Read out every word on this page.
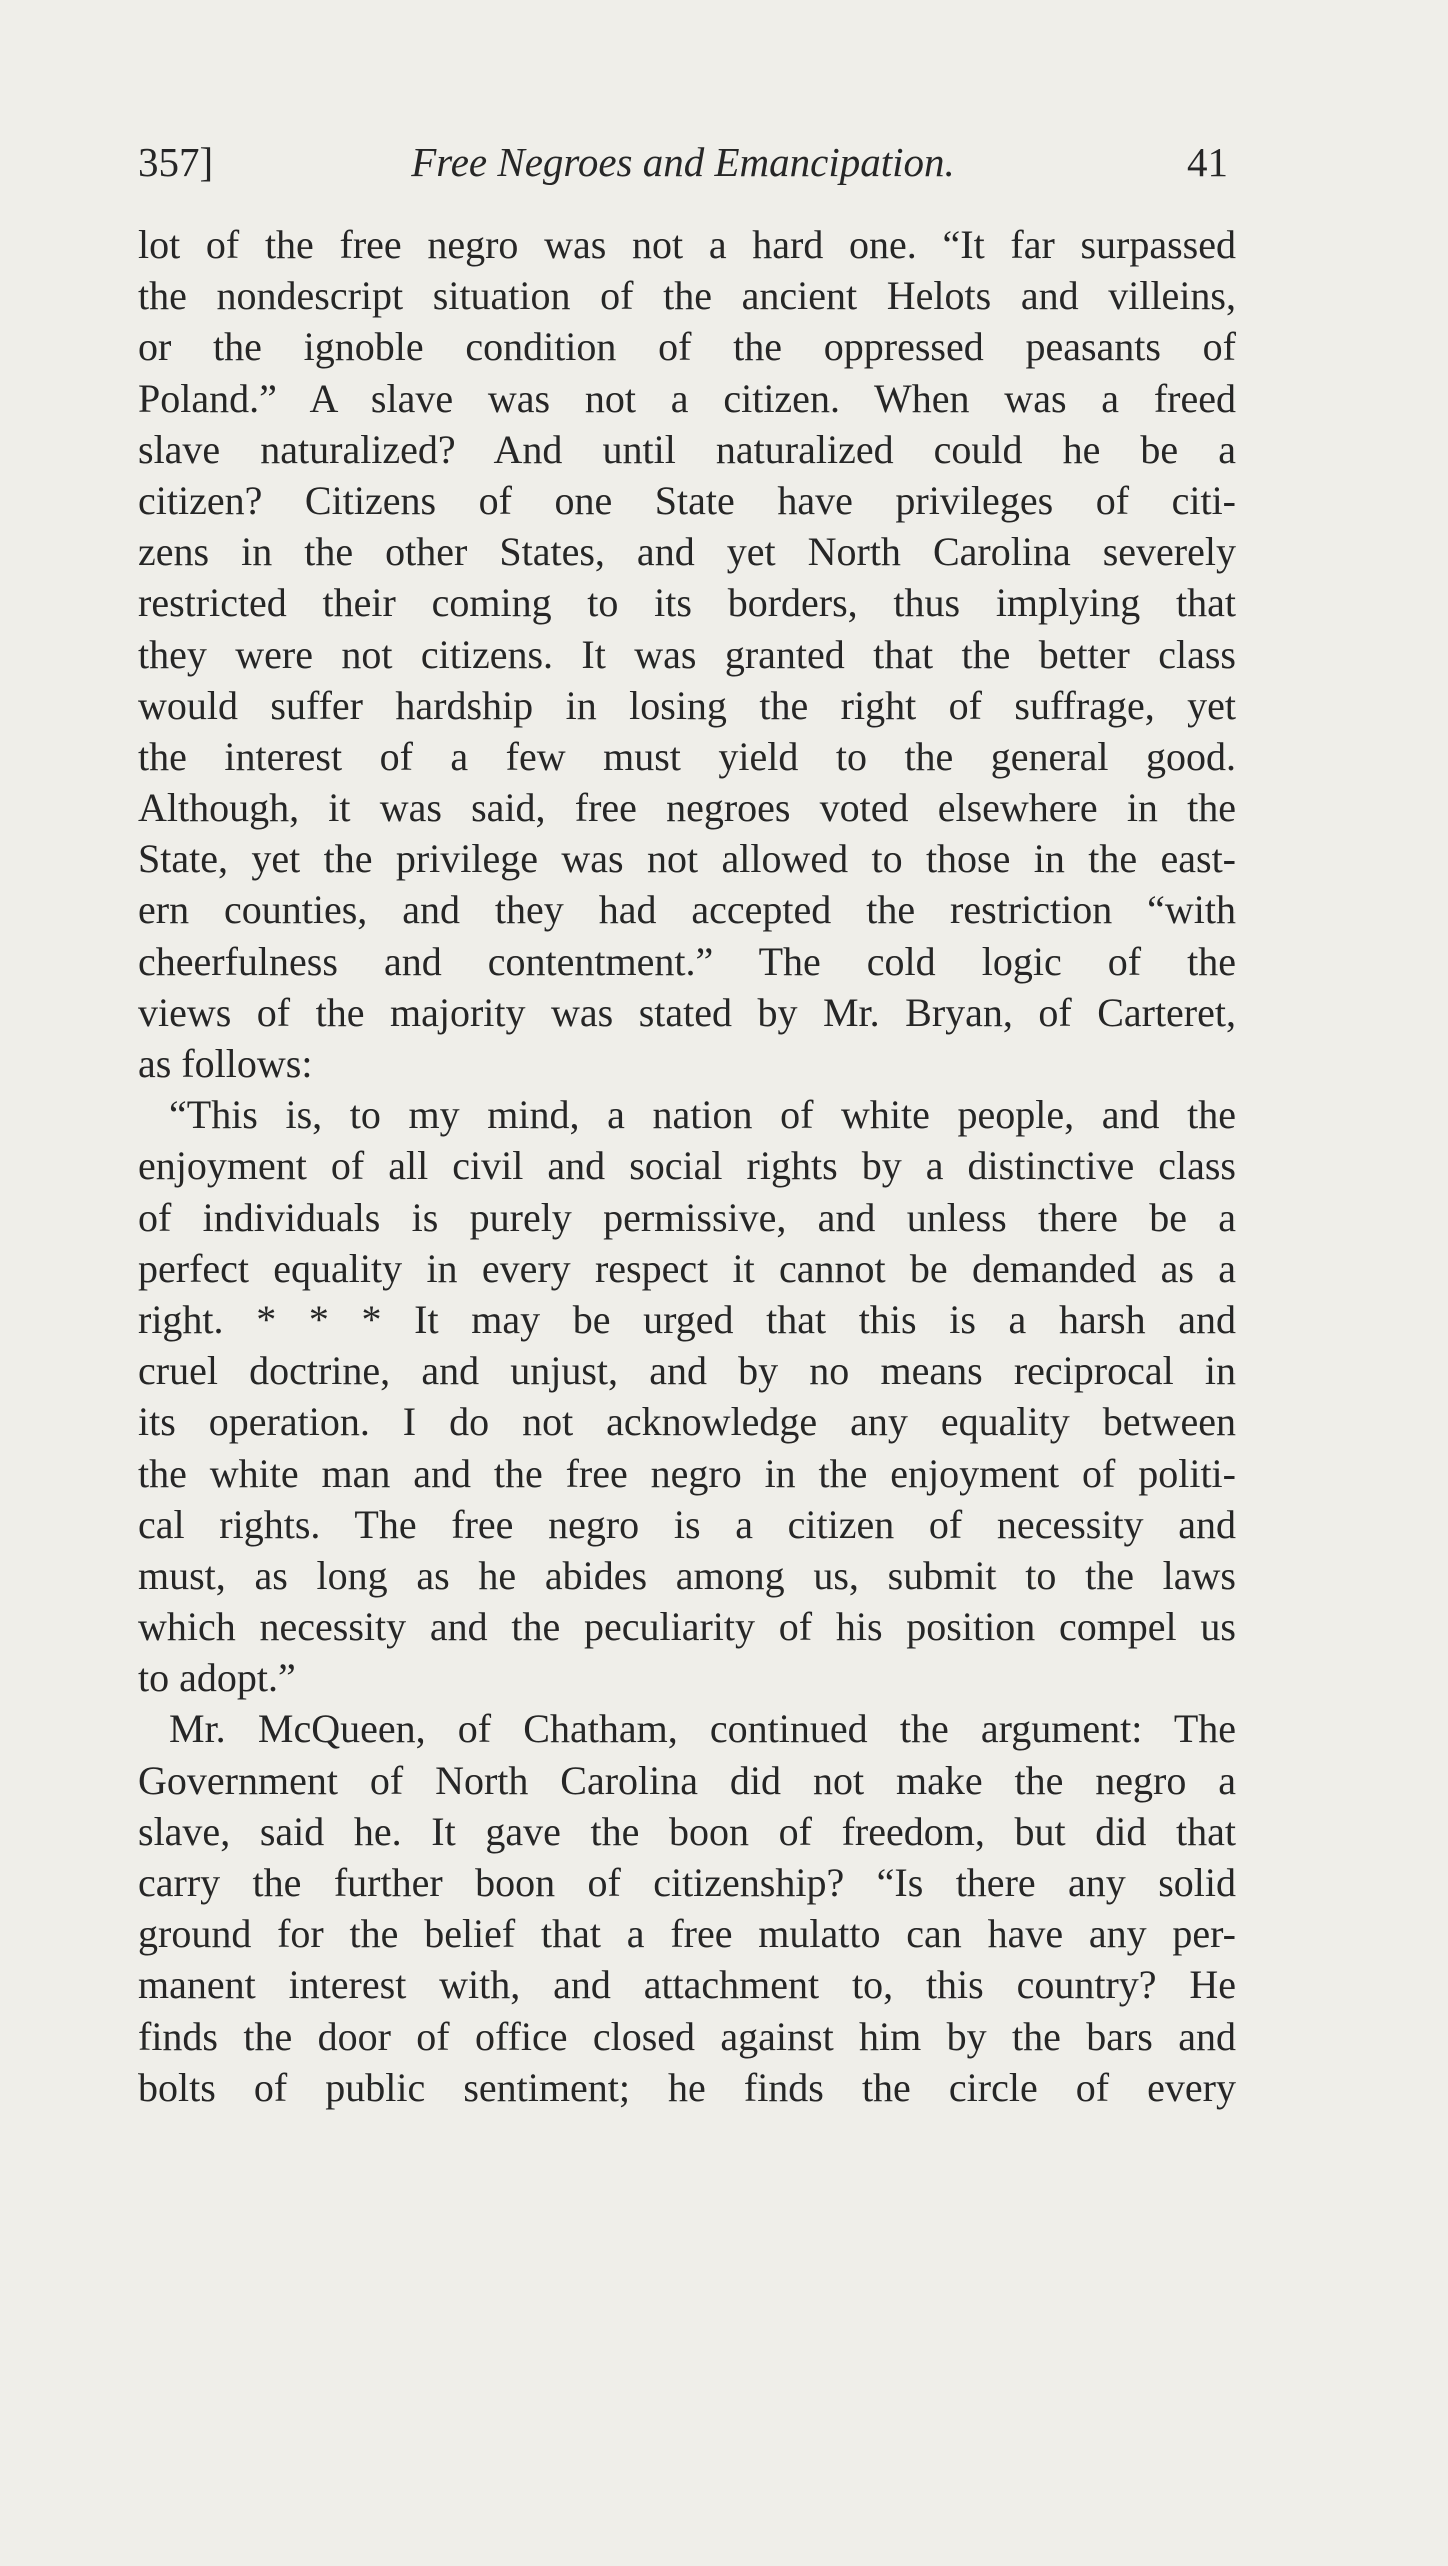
357]	Free Negroes and Emancipation.	41
lot of the free negro was not a hard one. “It far surpassed
the nondescript situation of the ancient Helots and villeins,
or the ignoble condition of the oppressed peasants of
Poland.” A slave was not a citizen. When was a freed
slave naturalized? And until naturalized could he be a
citizen? Citizens of one State have privileges of citi-
zens in the other States, and yet North Carolina severely
restricted their coming to its borders, thus implying that
they were not citizens. It was granted that the better class
would suffer hardship in losing the right of suffrage, yet
the interest of a few must yield to the general good.
Although, it was said, free negroes voted elsewhere in the
State, yet the privilege was not allowed to those in the east-
ern counties, and they had accepted the restriction “with
cheerfulness and contentment.” The cold logic of the
views of the majority was stated by Mr. Bryan, of Carteret,
as follows:
“This is, to my mind, a nation of white people, and the
enjoyment of all civil and social rights by a distinctive class
of individuals is purely permissive, and unless there be a
perfect equality in every respect it cannot be demanded as a
right. * * * It may be urged that this is a harsh and
cruel doctrine, and unjust, and by no means reciprocal in
its operation. I do not acknowledge any equality between
the white man and the free negro in the enjoyment of politi-
cal rights. The free negro is a citizen of necessity and
must, as long as he abides among us, submit to the laws
which necessity and the peculiarity of his position compel us
to adopt.”
Mr. McQueen, of Chatham, continued the argument: The
Government of North Carolina did not make the negro a
slave, said he. It gave the boon of freedom, but did that
carry the further boon of citizenship? “Is there any solid
ground for the belief that a free mulatto can have any per-
manent interest with, and attachment to, this country? He
finds the door of office closed against him by the bars and
bolts of public sentiment; he finds the circle of every
